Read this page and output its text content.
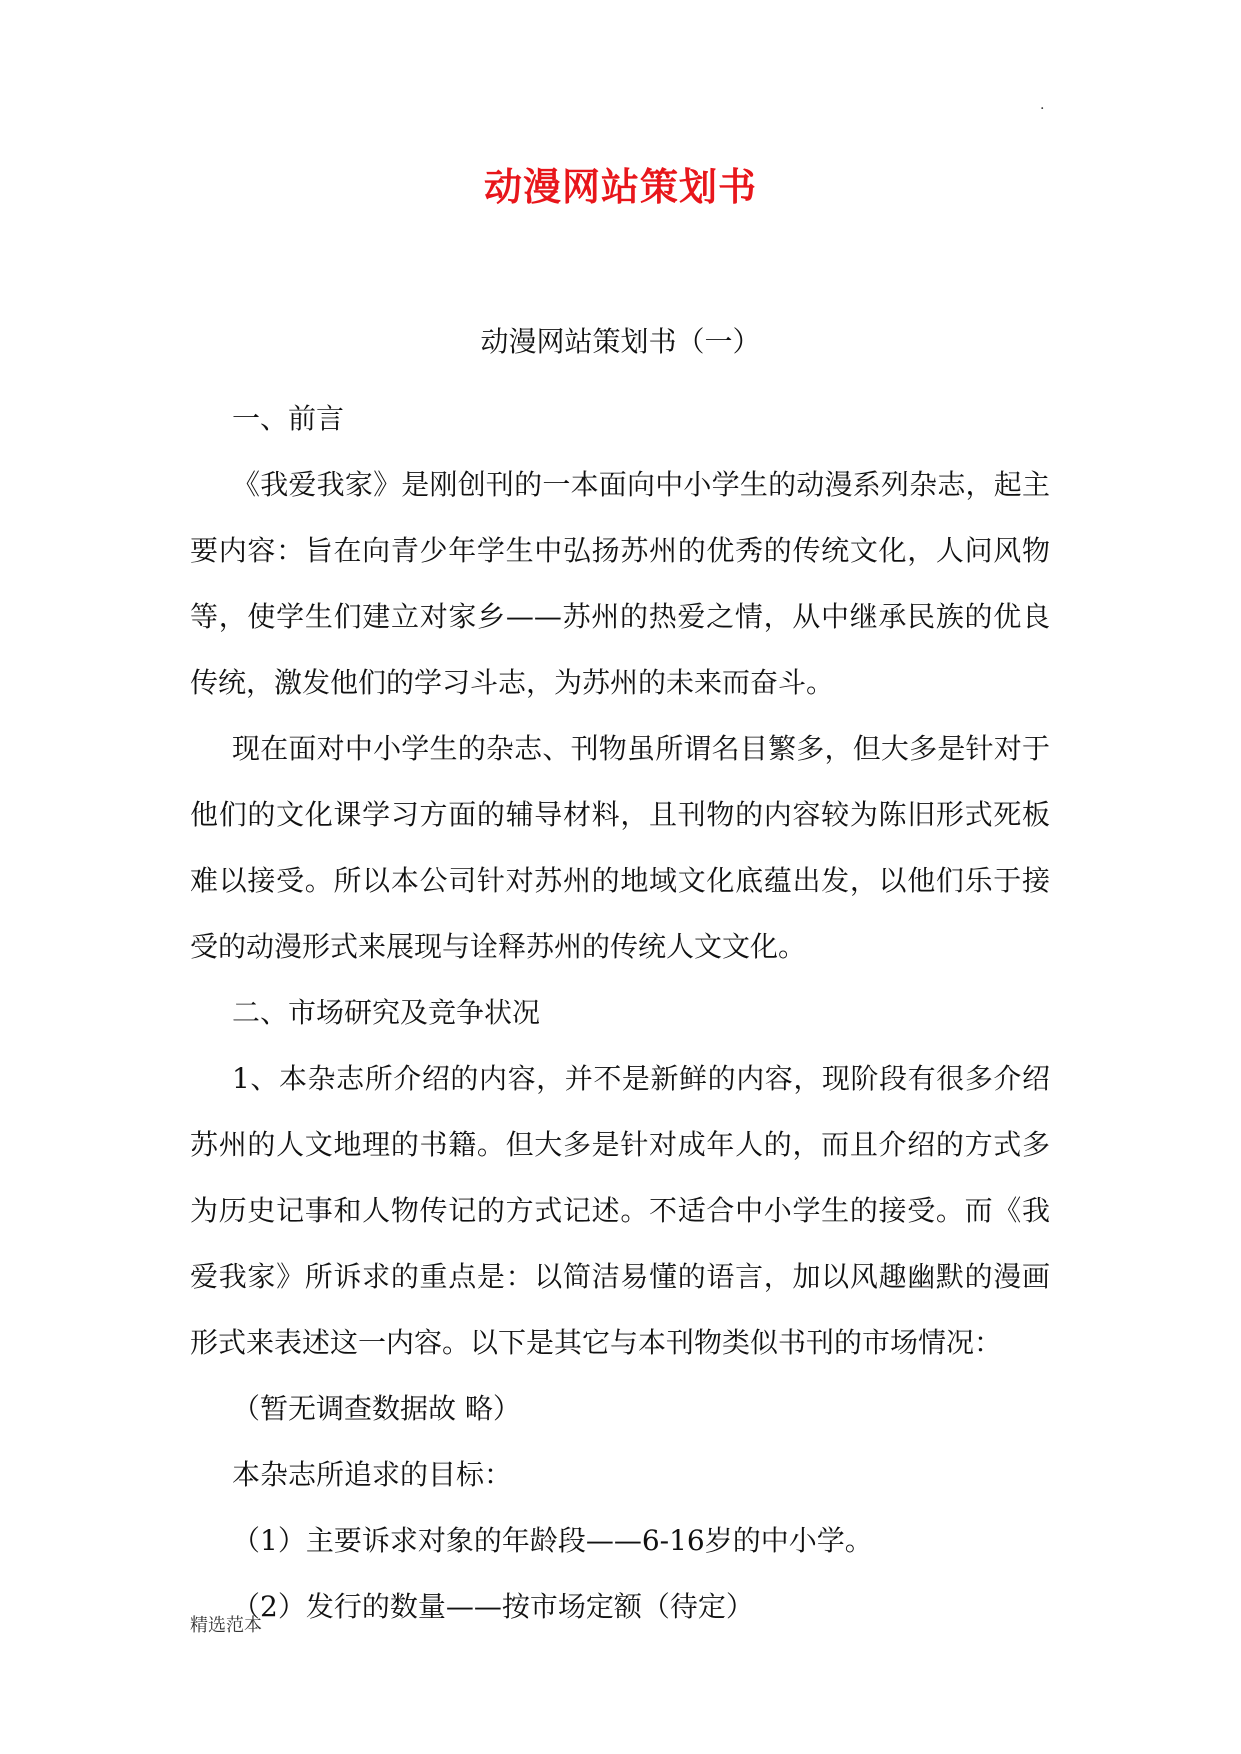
.
动漫网站策划书
动漫网站策划书（一）

一、前言

《我爱我家》是刚创刊的一本面向中小学生的动漫系列杂志，起主要内容：旨在向青少年学生中弘扬苏州的优秀的传统文化，人问风物等，使学生们建立对家乡——苏州的热爱之情，从中继承民族的优良传统，激发他们的学习斗志，为苏州的未来而奋斗。

现在面对中小学生的杂志、刊物虽所谓名目繁多，但大多是针对于他们的文化课学习方面的辅导材料，且刊物的内容较为陈旧形式死板难以接受。所以本公司针对苏州的地域文化底蕴出发，以他们乐于接受的动漫形式来展现与诠释苏州的传统人文文化。

二、市场研究及竞争状况

1、本杂志所介绍的内容，并不是新鲜的内容，现阶段有很多介绍苏州的人文地理的书籍。但大多是针对成年人的，而且介绍的方式多为历史记事和人物传记的方式记述。不适合中小学生的接受。而《我爱我家》所诉求的重点是：以简洁易懂的语言，加以风趣幽默的漫画形式来表述这一内容。以下是其它与本刊物类似书刊的市场情况：

（暂无调查数据故 略）

本杂志所追求的目标：

（1）主要诉求对象的年龄段——6-16岁的中小学。

（2）发行的数量——按市场定额（待定）

精选范本
